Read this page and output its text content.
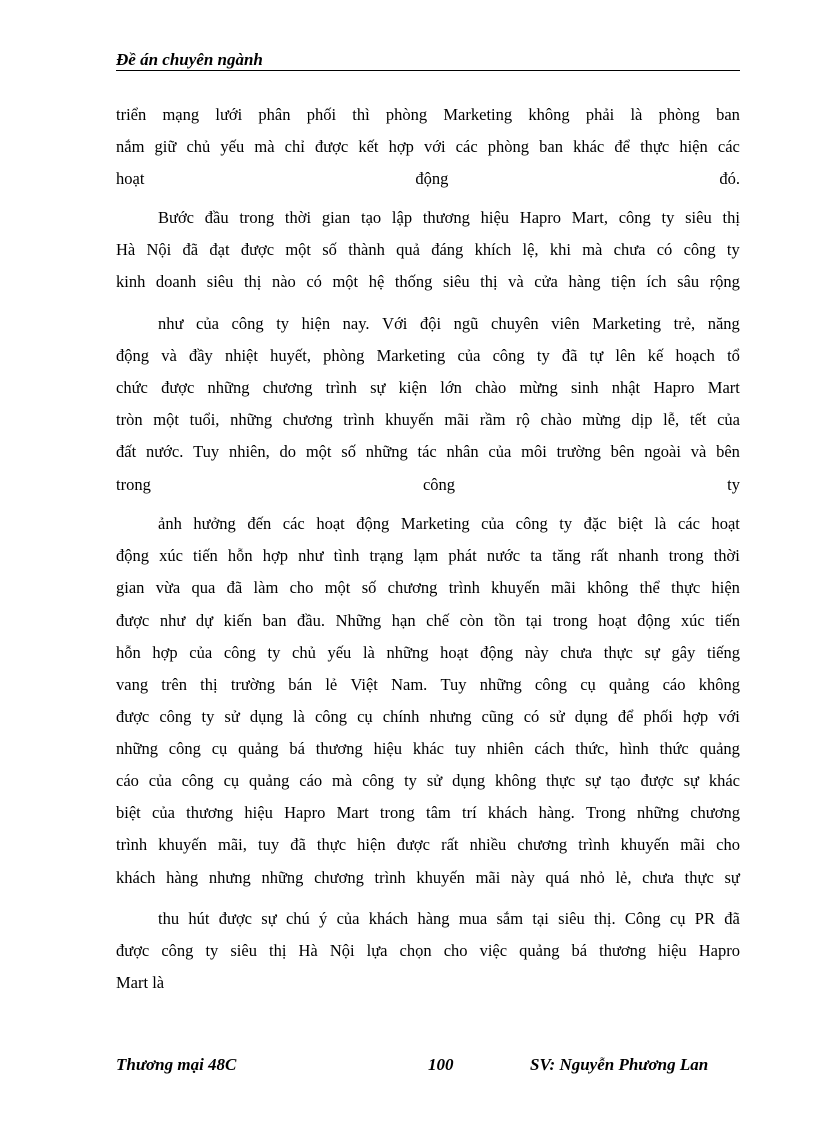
Đề án chuyên ngành
triển mạng lưới phân phối thì phòng Marketing không phải là phòng ban
nắm giữ chủ yếu mà chỉ được kết hợp với các phòng ban khác để thực hiện các
hoạt	động	đó.
Bước đầu trong thời gian tạo lập thương hiệu Hapro Mart, công ty siêu thị
Hà Nội đã đạt được một số thành quả đáng khích lệ, khi mà chưa có công ty
kinh doanh siêu thị nào có một hệ thống siêu thị và cửa hàng tiện ích sâu rộng
như của công ty hiện nay. Với đội ngũ chuyên viên Marketing trẻ, năng
động và đầy nhiệt huyết, phòng Marketing của công ty đã tự lên kế hoạch tổ
chức được những chương trình sự kiện lớn chào mừng sinh nhật Hapro Mart
tròn một tuổi, những chương trình khuyến mãi rầm rộ chào mừng dịp lễ, tết của
đất nước. Tuy nhiên, do một số những tác nhân của môi trường bên ngoài và bên
trong	công	ty
ảnh hưởng đến các hoạt động Marketing của công ty đặc biệt là các hoạt
động xúc tiến hỗn hợp như tình trạng lạm phát nước ta tăng rất nhanh trong thời
gian vừa qua đã làm cho một số chương trình khuyến mãi không thể thực hiện
được như dự kiến ban đầu. Những hạn chế còn tồn tại trong hoạt động xúc tiến
hỗn hợp của công ty chủ yếu là những hoạt động này chưa thực sự gây tiếng
vang trên thị trường bán lẻ Việt Nam. Tuy những công cụ quảng cáo không
được công ty sử dụng là công cụ chính nhưng cũng có sử dụng để phối hợp với
những công cụ quảng bá thương hiệu khác tuy nhiên cách thức, hình thức quảng
cáo của công cụ quảng cáo mà công ty sử dụng không thực sự tạo được sự khác
biệt của thương hiệu Hapro Mart trong tâm trí khách hàng. Trong những chương
trình khuyến mãi, tuy đã thực hiện được rất nhiều chương trình khuyến mãi cho
khách hàng nhưng những chương trình khuyến mãi này quá nhỏ lẻ, chưa thực sự
thu hút được sự chú ý của khách hàng mua sắm tại siêu thị. Công cụ PR đã
được công ty siêu thị Hà Nội lựa chọn cho việc quảng bá thương hiệu Hapro
Mart là
Thương mại 48C	100	SV: Nguyễn Phương Lan
